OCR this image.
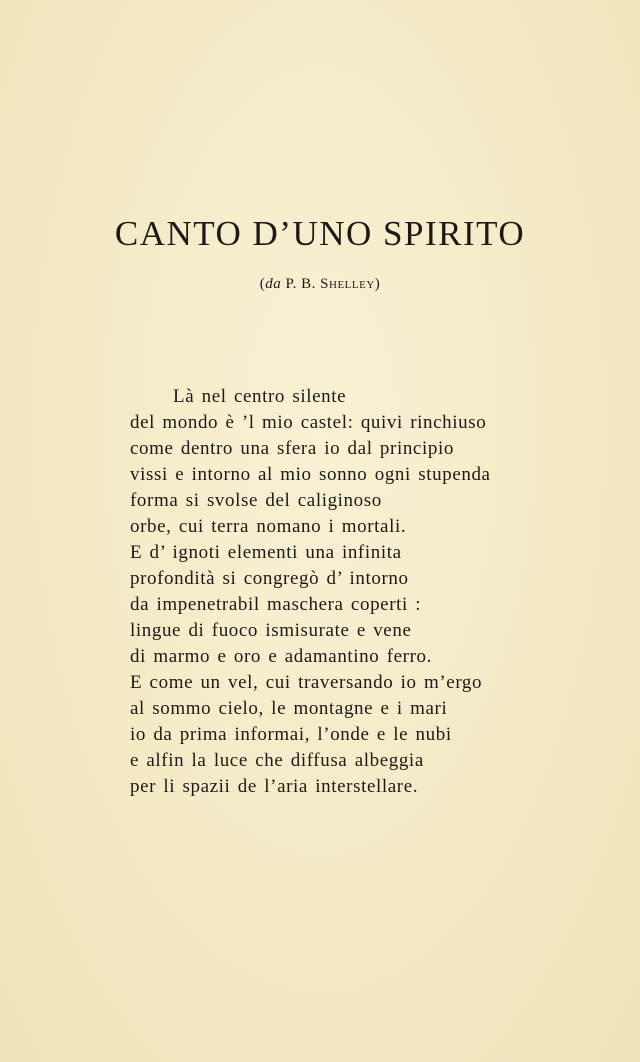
CANTO D’UNO SPIRITO
(da P. B. Shelley)
Là nel centro silente
del mondo è ’l mio castel: quivi rinchiuso
come dentro una sfera io dal principio
vissi e intorno al mio sonno ogni stupenda
forma si svolse del caliginoso
orbe, cui terra nomano i mortali.
E d’ ignoti elementi una infinita
profondità si congregò d’ intorno
da impenetrabil maschera coperti :
lingue di fuoco ismisurate e vene
di marmo e oro e adamantino ferro.
E come un vel, cui traversando io m’ergo
al sommo cielo, le montagne e i mari
io da prima informai, l’onde e le nubi
e alfin la luce che diffusa albeggia
per li spazii de l’aria interstellare.
